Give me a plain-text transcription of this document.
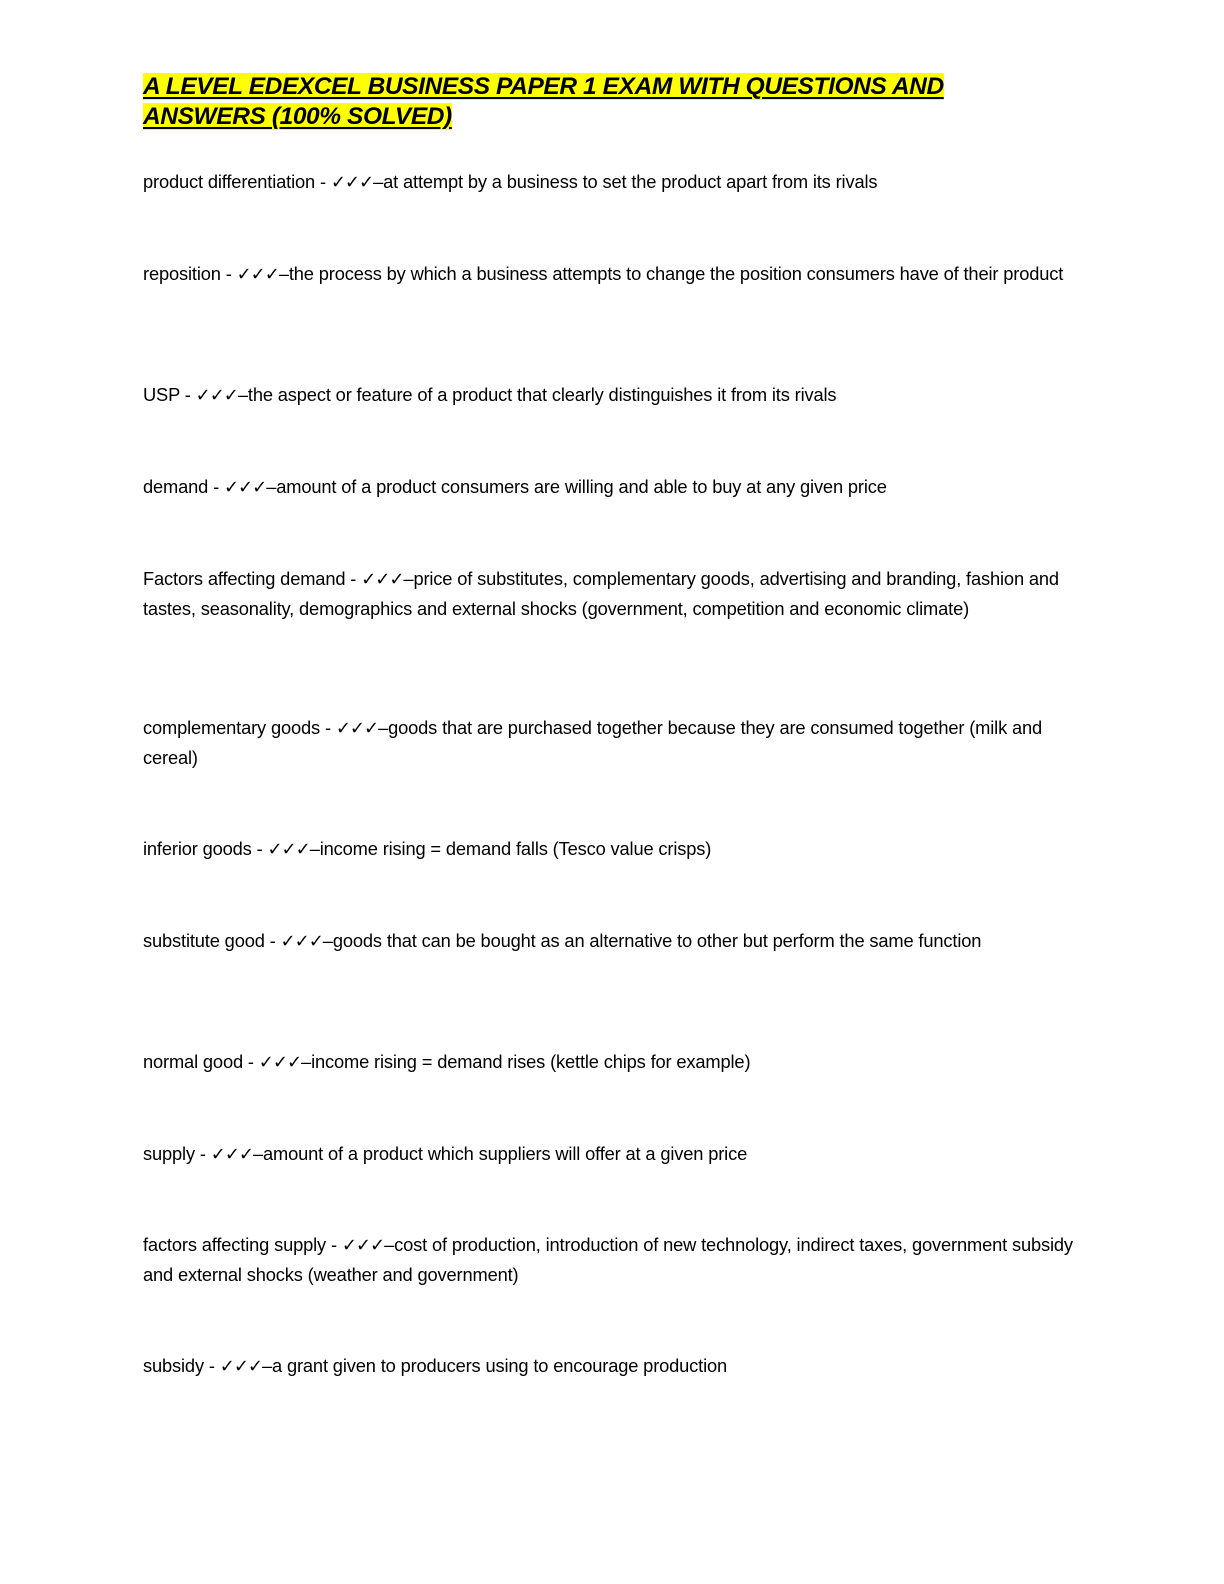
A LEVEL EDEXCEL BUSINESS PAPER 1 EXAM WITH QUESTIONS AND ANSWERS (100% SOLVED)

product differentiation - ✓✓✓–at attempt by a business to set the product apart from its rivals

reposition - ✓✓✓–the process by which a business attempts to change the position consumers have of their product

USP - ✓✓✓–the aspect or feature of a product that clearly distinguishes it from its rivals

demand - ✓✓✓–amount of a product consumers are willing and able to buy at any given price

Factors affecting demand - ✓✓✓–price of substitutes, complementary goods, advertising and branding, fashion and tastes, seasonality, demographics and external shocks (government, competition and economic climate)

complementary goods - ✓✓✓–goods that are purchased together because they are consumed together (milk and cereal)

inferior goods - ✓✓✓–income rising = demand falls (Tesco value crisps)

substitute good - ✓✓✓–goods that can be bought as an alternative to other but perform the same function

normal good - ✓✓✓–income rising = demand rises (kettle chips for example)

supply - ✓✓✓–amount of a product which suppliers will offer at a given price

factors affecting supply - ✓✓✓–cost of production, introduction of new technology, indirect taxes, government subsidy and external shocks (weather and government)

subsidy - ✓✓✓–a grant given to producers using to encourage production
